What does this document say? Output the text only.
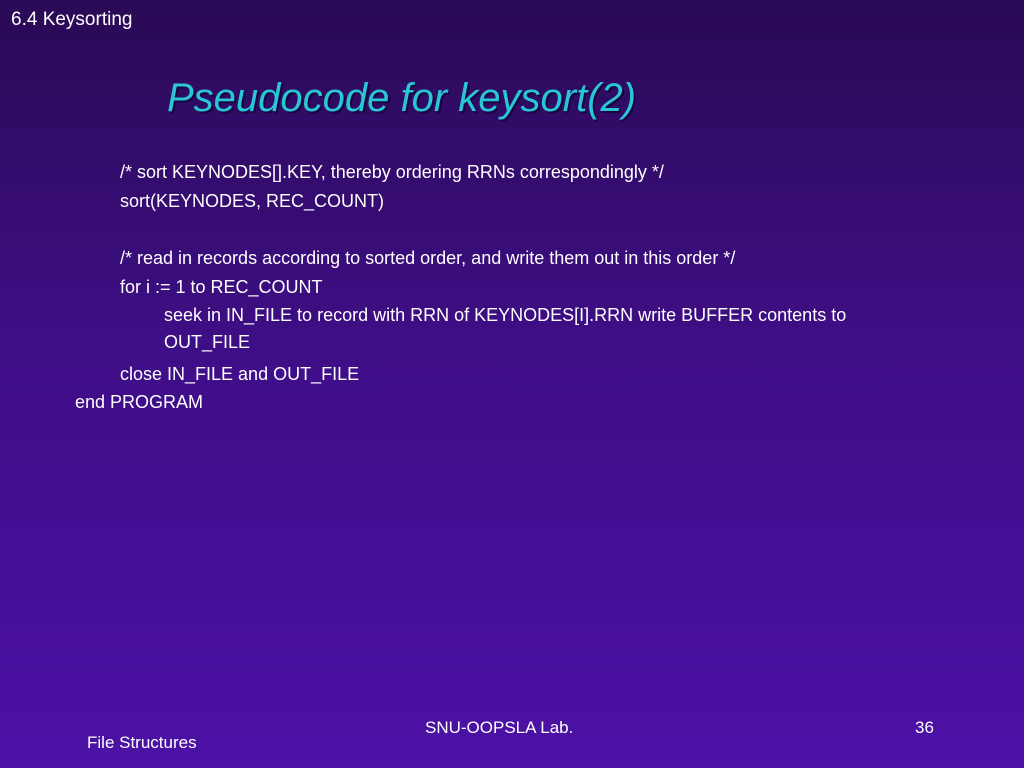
6.4 Keysorting
Pseudocode for keysort(2)
/* sort KEYNODES[].KEY, thereby ordering RRNs correspondingly */
sort(KEYNODES, REC_COUNT)
/* read in records according to sorted order, and write them out in this order */
for i := 1 to REC_COUNT
seek in IN_FILE to record with RRN of KEYNODES[I].RRN write BUFFER contents to
OUT_FILE
close IN_FILE and OUT_FILE
end PROGRAM
SNU-OOPSLA Lab.	36
File Structures
